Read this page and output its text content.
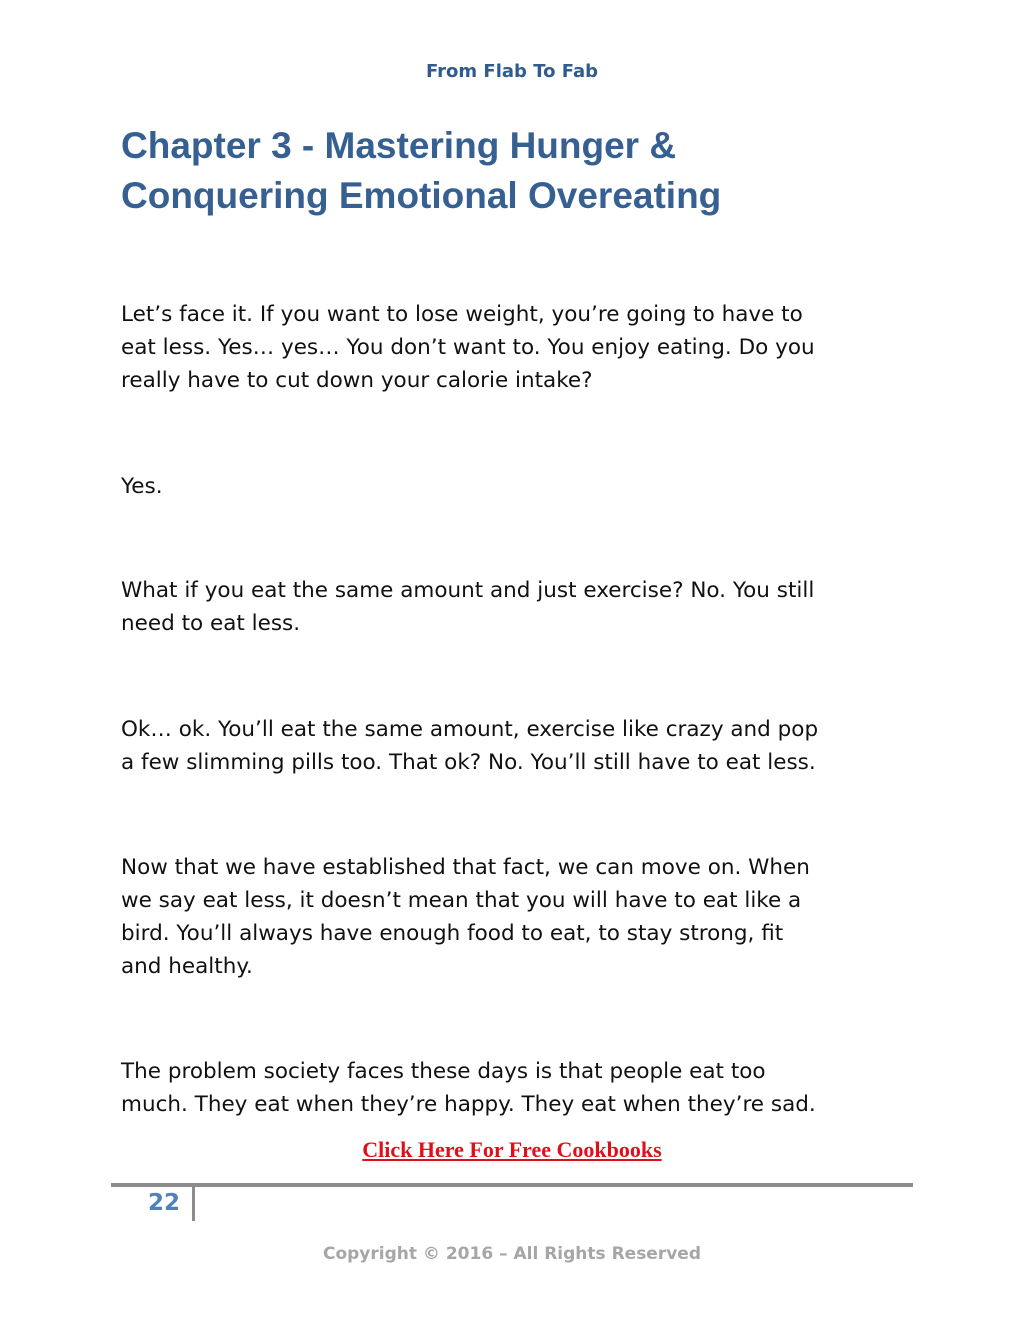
From Flab To Fab
Chapter 3 - Mastering Hunger &
Conquering Emotional Overeating

Let’s face it. If you want to lose weight, you’re going to have to
eat less. Yes… yes… You don’t want to. You enjoy eating. Do you
really have to cut down your calorie intake?

Yes.

What if you eat the same amount and just exercise? No. You still
need to eat less.

Ok… ok. You’ll eat the same amount, exercise like crazy and pop
a few slimming pills too. That ok? No. You’ll still have to eat less.

Now that we have established that fact, we can move on. When
we say eat less, it doesn’t mean that you will have to eat like a
bird. You’ll always have enough food to eat, to stay strong, fit
and healthy.

The problem society faces these days is that people eat too
much. They eat when they’re happy. They eat when they’re sad.

Click Here For Free Cookbooks
22
Copyright © 2016 – All Rights Reserved
